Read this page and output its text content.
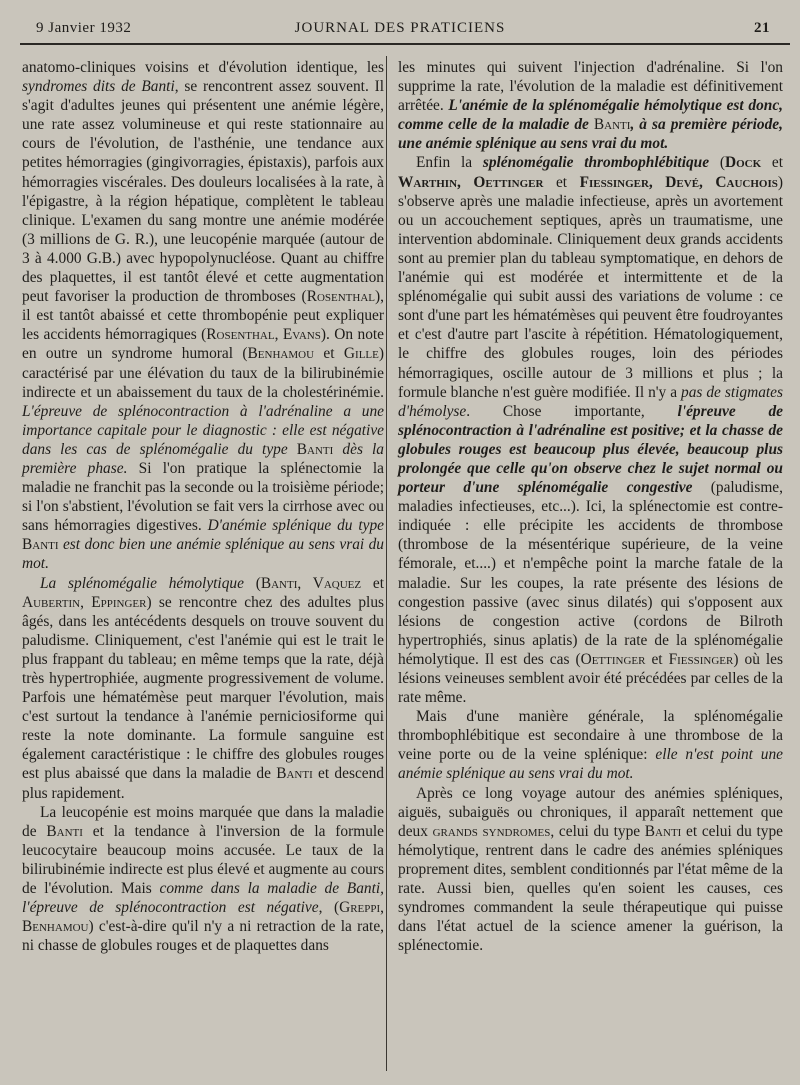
9 Janvier 1932	JOURNAL DES PRATICIENS	21

anatomo-cliniques voisins et d'évolution identique, les syndromes dits de Banti, se rencontrent assez souvent. Il s'agit d'adultes jeunes qui présentent une anémie légère, une rate assez volumineuse et qui reste stationnaire au cours de l'évolution, de l'asthénie, une tendance aux petites hémorragies (gingivorragies, épistaxis), parfois aux hémorragies viscérales. Des douleurs localisées à la rate, à l'épigastre, à la région hépatique, complètent le tableau clinique. L'examen du sang montre une anémie modérée (3 millions de G. R.), une leucopénie marquée (autour de 3 à 4.000 G.B.) avec hypopolynucléose. Quant au chiffre des plaquettes, il est tantôt élevé et cette augmentation peut favoriser la production de thromboses (Rosenthal), il est tantôt abaissé et cette thrombopénie peut expliquer les accidents hémorragiques (Rosenthal, Evans). On note en outre un syndrome humoral (Benhamou et Gille) caractérisé par une élévation du taux de la bilirubinémie indirecte et un abaissement du taux de la cholestérinémie. L'épreuve de splénocontraction à l'adrénaline a une importance capitale pour le diagnostic : elle est négative dans les cas de splénomégalie du type Banti dès la première phase. Si l'on pratique la splénectomie la maladie ne franchit pas la seconde ou la troisième période; si l'on s'abstient, l'évolution se fait vers la cirrhose avec ou sans hémorragies digestives. D'anémie splénique du type Banti est donc bien une anémie splénique au sens vrai du mot.

La splénomégalie hémolytique (Banti, Vaquez et Aubertin, Eppinger) se rencontre chez des adultes plus âgés, dans les antécédents desquels on trouve souvent du paludisme. Cliniquement, c'est l'anémie qui est le trait le plus frappant du tableau; en même temps que la rate, déjà très hypertrophiée, augmente progressivement de volume. Parfois une hématémèse peut marquer l'évolution, mais c'est surtout la tendance à l'anémie perniciosiforme qui reste la note dominante. La formule sanguine est également caractéristique : le chiffre des globules rouges est plus abaissé que dans la maladie de Banti et descend plus rapidement.

La leucopénie est moins marquée que dans la maladie de Banti et la tendance à l'inversion de la formule leucocytaire beaucoup moins accusée. Le taux de la bilirubinémie indirecte est plus élevé et augmente au cours de l'évolution. Mais comme dans la maladie de Banti, l'épreuve de splénocontraction est négative, (Greppi, Benhamou) c'est-à-dire qu'il n'y a ni retraction de la rate, ni chasse de globules rouges et de plaquettes dans

les minutes qui suivent l'injection d'adrénaline. Si l'on supprime la rate, l'évolution de la maladie est définitivement arrêtée. L'anémie de la splénomégalie hémolytique est donc, comme celle de la maladie de Banti, à sa première période, une anémie splénique au sens vrai du mot.

Enfin la splénomégalie thrombophlébitique (Dock et Warthin, Oettinger et Fiessinger, Devé, Cauchois) s'observe après une maladie infectieuse, après un avortement ou un accouchement septiques, après un traumatisme, une intervention abdominale. Cliniquement deux grands accidents sont au premier plan du tableau symptomatique, en dehors de l'anémie qui est modérée et intermittente et de la splénomégalie qui subit aussi des variations de volume : ce sont d'une part les hématémèses qui peuvent être foudroyantes et c'est d'autre part l'ascite à répétition. Hématologiquement, le chiffre des globules rouges, loin des périodes hémorragiques, oscille autour de 3 millions et plus ; la formule blanche n'est guère modifiée. Il n'y a pas de stigmates d'hémolyse. Chose importante, l'épreuve de splénocontraction à l'adrénaline est positive; et la chasse de globules rouges est beaucoup plus élevée, beaucoup plus prolongée que celle qu'on observe chez le sujet normal ou porteur d'une splénomégalie congestive (paludisme, maladies infectieuses, etc...). Ici, la splénectomie est contre-indiquée : elle précipite les accidents de thrombose (thrombose de la mésentérique supérieure, de la veine fémorale, et....) et n'empêche point la marche fatale de la maladie. Sur les coupes, la rate présente des lésions de congestion passive (avec sinus dilatés) qui s'opposent aux lésions de congestion active (cordons de Bilroth hypertrophiés, sinus aplatis) de la rate de la splénomégalie hémolytique. Il est des cas (Oettinger et Fiessinger) où les lésions veineuses semblent avoir été précédées par celles de la rate même.

Mais d'une manière générale, la splénomégalie thrombophlébitique est secondaire à une thrombose de la veine porte ou de la veine splénique: elle n'est point une anémie splénique au sens vrai du mot.

Après ce long voyage autour des anémies spléniques, aiguës, subaiguës ou chroniques, il apparaît nettement que deux grands syndromes, celui du type Banti et celui du type hémolytique, rentrent dans le cadre des anémies spléniques proprement dites, semblent conditionnés par l'état même de la rate. Aussi bien, quelles qu'en soient les causes, ces syndromes commandent la seule thérapeutique qui puisse dans l'état actuel de la science amener la guérison, la splénectomie.
